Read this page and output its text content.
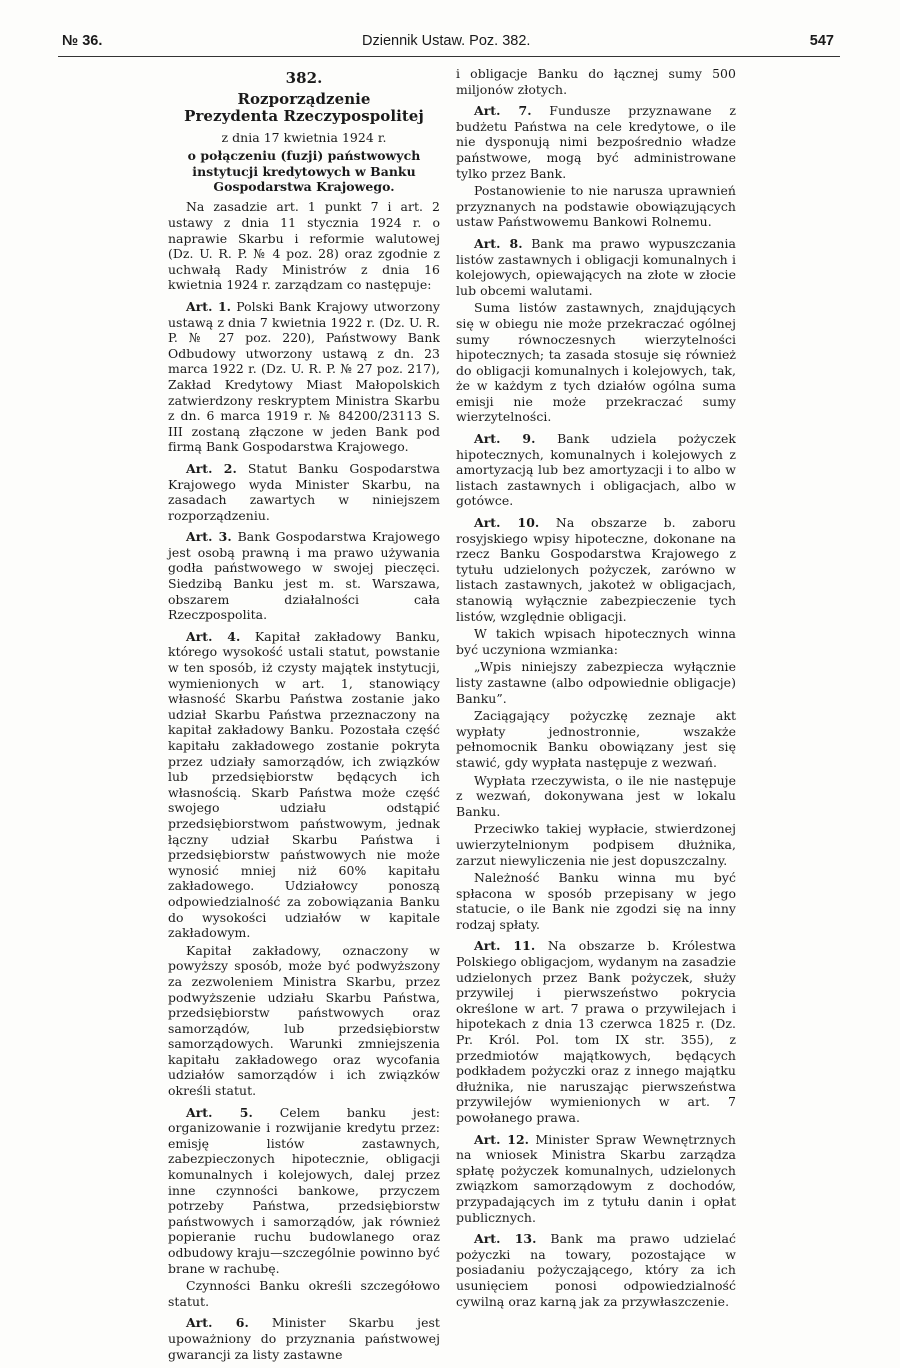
№ 36.	Dziennik Ustaw. Poz. 382.	547
382.
Rozporządzenie
Prezydenta Rzeczypospolitej
z dnia 17 kwietnia 1924 r.
o połączeniu (fuzji) państwowych instytucji kredytowych w Banku Gospodarstwa Krajowego.

Na zasadzie art. 1 punkt 7 i art. 2 ustawy z dnia 11 stycznia 1924 r. o naprawie Skarbu i reformie walutowej (Dz. U. R. P. № 4 poz. 28) oraz zgodnie z uchwałą Rady Ministrów z dnia 16 kwietnia 1924 r. zarządzam co następuje:

Art. 1. Polski Bank Krajowy utworzony ustawą z dnia 7 kwietnia 1922 r. (Dz. U. R. P. № 27 poz. 220), Państwowy Bank Odbudowy utworzony ustawą z dn. 23 marca 1922 r. (Dz. U. R. P. № 27 poz. 217), Zakład Kredytowy Miast Małopolskich zatwierdzony reskryptem Ministra Skarbu z dn. 6 marca 1919 r. № 84200/23113 S. III zostaną złączone w jeden Bank pod firmą Bank Gospodarstwa Krajowego.

Art. 2. Statut Banku Gospodarstwa Krajowego wyda Minister Skarbu, na zasadach zawartych w niniejszem rozporządzeniu.

Art. 3. Bank Gospodarstwa Krajowego jest osobą prawną i ma prawo używania godła państwowego w swojej pieczęci. Siedzibą Banku jest m. st. Warszawa, obszarem działalności cała Rzeczpospolita.

Art. 4. Kapitał zakładowy Banku, którego wysokość ustali statut, powstanie w ten sposób, iż czysty majątek instytucji, wymienionych w art. 1, stanowiący własność Skarbu Państwa zostanie jako udział Skarbu Państwa przeznaczony na kapitał zakładowy Banku. Pozostała część kapitału zakładowego zostanie pokryta przez udziały samorządów, ich związków lub przedsiębiorstw będących ich własnością. Skarb Państwa może część swojego udziału odstąpić przedsiębiorstwom państwowym, jednak łączny udział Skarbu Państwa i przedsiębiorstw państwowych nie może wynosić mniej niż 60% kapitału zakładowego. Udziałowcy ponoszą odpowiedzialność za zobowiązania Banku do wysokości udziałów w kapitale zakładowym.

Kapitał zakładowy, oznaczony w powyższy sposób, może być podwyższony za zezwoleniem Ministra Skarbu, przez podwyższenie udziału Skarbu Państwa, przedsiębiorstw państwowych oraz samorządów, lub przedsiębiorstw samorządowych. Warunki zmniejszenia kapitału zakładowego oraz wycofania udziałów samorządów i ich związków określi statut.

Art. 5. Celem banku jest: organizowanie i rozwijanie kredytu przez: emisję listów zastawnych, zabezpieczonych hipotecznie, obligacji komunalnych i kolejowych, dalej przez inne czynności bankowe, przyczem potrzeby Państwa, przedsiębiorstw państwowych i samorządów, jak również popieranie ruchu budowlanego oraz odbudowy kraju—szczególnie powinno być brane w rachubę.

Czynności Banku określi szczegółowo statut.

Art. 6. Minister Skarbu jest upoważniony do przyznania państwowej gwarancji za listy zastawne

i obligacje Banku do łącznej sumy 500 miljonów złotych.

Art. 7. Fundusze przyznawane z budżetu Państwa na cele kredytowe, o ile nie dysponują nimi bezpośrednio władze państwowe, mogą być administrowane tylko przez Bank.

Postanowienie to nie narusza uprawnień przyznanych na podstawie obowiązujących ustaw Państwowemu Bankowi Rolnemu.

Art. 8. Bank ma prawo wypuszczania listów zastawnych i obligacji komunalnych i kolejowych, opiewających na złote w złocie lub obcemi walutami.

Suma listów zastawnych, znajdujących się w obiegu nie może przekraczać ogólnej sumy równoczesnych wierzytelności hipotecznych; ta zasada stosuje się również do obligacji komunalnych i kolejowych, tak, że w każdym z tych działów ogólna suma emisji nie może przekraczać sumy wierzytelności.

Art. 9. Bank udziela pożyczek hipotecznych, komunalnych i kolejowych z amortyzacją lub bez amortyzacji i to albo w listach zastawnych i obligacjach, albo w gotówce.

Art. 10. Na obszarze b. zaboru rosyjskiego wpisy hipoteczne, dokonane na rzecz Banku Gospodarstwa Krajowego z tytułu udzielonych pożyczek, zarówno w listach zastawnych, jakoteż w obligacjach, stanowią wyłącznie zabezpieczenie tych listów, względnie obligacji.

W takich wpisach hipotecznych winna być uczyniona wzmianka:

„Wpis niniejszy zabezpiecza wyłącznie listy zastawne (albo odpowiednie obligacje) Banku”.

Zaciągający pożyczkę zeznaje akt wypłaty jednostronnie, wszakże pełnomocnik Banku obowiązany jest się stawić, gdy wypłata następuje z wezwań.

Wypłata rzeczywista, o ile nie następuje z wezwań, dokonywana jest w lokalu Banku.

Przeciwko takiej wypłacie, stwierdzonej uwierzytelnionym podpisem dłużnika, zarzut niewyliczenia nie jest dopuszczalny.

Należność Banku winna mu być spłacona w sposób przepisany w jego statucie, o ile Bank nie zgodzi się na inny rodzaj spłaty.

Art. 11. Na obszarze b. Królestwa Polskiego obligacjom, wydanym na zasadzie udzielonych przez Bank pożyczek, służy przywilej i pierwszeństwo pokrycia określone w art. 7 prawa o przywilejach i hipotekach z dnia 13 czerwca 1825 r. (Dz. Pr. Król. Pol. tom IX str. 355), z przedmiotów majątkowych, będących podkładem pożyczki oraz z innego majątku dłużnika, nie naruszając pierwszeństwa przywilejów wymienionych w art. 7 powołanego prawa.

Art. 12. Minister Spraw Wewnętrznych na wniosek Ministra Skarbu zarządza spłatę pożyczek komunalnych, udzielonych związkom samorządowym z dochodów, przypadających im z tytułu danin i opłat publicznych.

Art. 13. Bank ma prawo udzielać pożyczki na towary, pozostające w posiadaniu pożyczającego, który za ich usunięciem ponosi odpowiedzialność cywilną oraz karną jak za przywłaszczenie.
